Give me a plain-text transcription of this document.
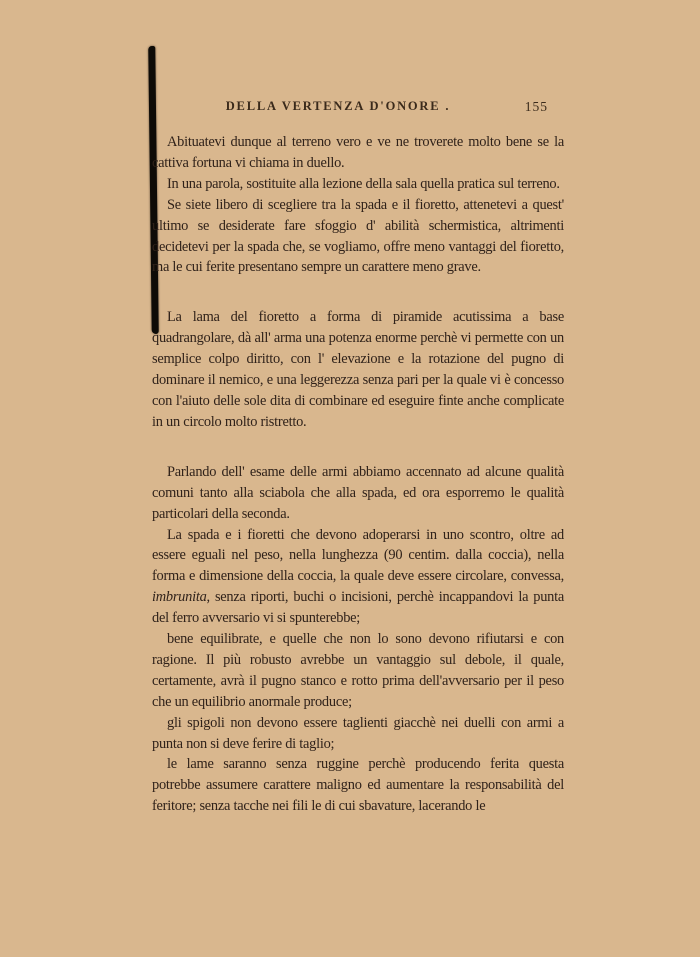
DELLA VERTENZA D'ONORE .	155

Abituatevi dunque al terreno vero e ve ne troverete molto bene se la cattiva fortuna vi chiama in duello.

In una parola, sostituite alla lezione della sala quella pratica sul terreno.

Se siete libero di scegliere tra la spada e il fioretto, attenetevi a quest' ultimo se desiderate fare sfoggio d' abilità schermistica, altrimenti decidetevi per la spada che, se vogliamo, offre meno vantaggi del fioretto, ma le cui ferite presentano sempre un carattere meno grave.

La lama del fioretto a forma di piramide acutissima a base quadrangolare, dà all' arma una potenza enorme perchè vi permette con un semplice colpo diritto, con l' elevazione e la rotazione del pugno di dominare il nemico, e una leggerezza senza pari per la quale vi è concesso con l'aiuto delle sole dita di combinare ed eseguire finte anche complicate in un circolo molto ristretto.

Parlando dell' esame delle armi abbiamo accennato ad alcune qualità comuni tanto alla sciabola che alla spada, ed ora esporremo le qualità particolari della seconda.

La spada e i fioretti che devono adoperarsi in uno scontro, oltre ad essere eguali nel peso, nella lunghezza (90 centim. dalla coccia), nella forma e dimensione della coccia, la quale deve essere circolare, convessa, imbrunita, senza riporti, buchi o incisioni, perchè incappandovi la punta del ferro avversario vi si spunterebbe;

bene equilibrate, e quelle che non lo sono devono rifiutarsi e con ragione. Il più robusto avrebbe un vantaggio sul debole, il quale, certamente, avrà il pugno stanco e rotto prima dell'avversario per il peso che un equilibrio anormale produce;

gli spigoli non devono essere taglienti giacchè nei duelli con armi a punta non si deve ferire di taglio;

le lame saranno senza ruggine perchè producendo ferita questa potrebbe assumere carattere maligno ed aumentare la responsabilità del feritore; senza tacche nei fili le di cui sbavature, lacerando le
